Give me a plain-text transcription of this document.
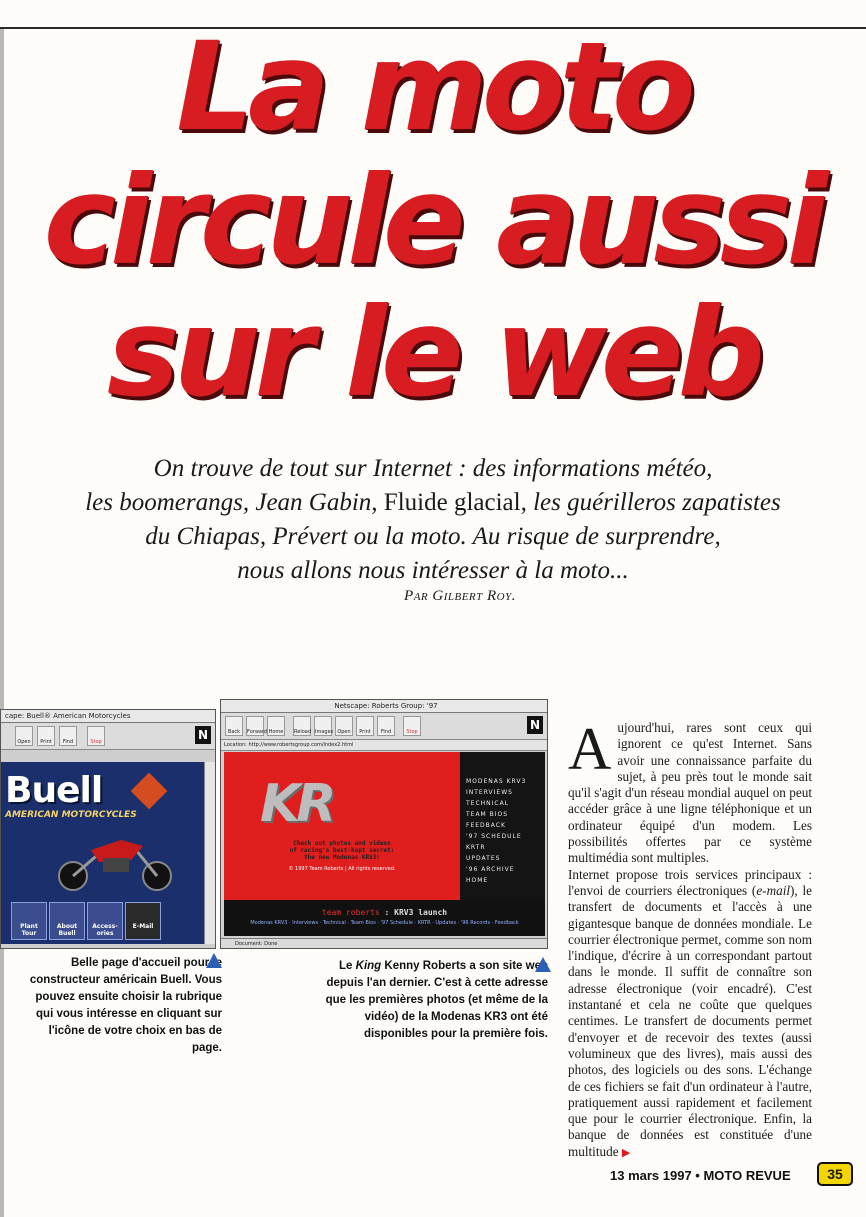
La moto
circule aussi
sur le web

On trouve de tout sur Internet : des informations météo,
les boomerangs, Jean Gabin, Fluide glacial, les guérilleros zapatistes
du Chiapas, Prévert ou la moto. Au risque de surprendre,
nous allons nous intéresser à la moto...

Par Gilbert Roy.

cape: Buell® American Motorcycles
Open	Print	Find	Stop	N
Buell
AMERICAN MOTORCYCLES
Plant Tour
About Buell
Access-ories
E-Mail
Netscape: Roberts Group: '97
Back	Forward Home	Reload Images Open	Print	Find	Stop	N
Location: http://www.robertsgroup.com/index2.html
KR
Check out photos and videos
of racing's best-kept secret:
the new Modenas KRV3!
© 1997 Team Roberts | All rights reserved.
MODENAS KRV3
INTERVIEWS
TECHNICAL
TEAM BIOS
FEEDBACK
'97 SCHEDULE
KRTR
UPDATES
'96 ARCHIVE
HOME
team roberts : KRV3 launch
Modenas KRV3 · Interviews · Technical · Team Bios · '97 Schedule · KRTR · Updates · '96 Records · Feedback
Document: Done

Belle page d'accueil pour le constructeur américain Buell. Vous pouvez ensuite choisir la rubrique qui vous intéresse en cliquant sur l'icône de votre choix en bas de page.

Le King Kenny Roberts a son site web depuis l'an dernier. C'est à cette adresse que les premières photos (et même de la vidéo) de la Modenas KR3 ont été disponibles pour la première fois.

A ujourd'hui, rares sont ceux qui ignorent ce qu'est Internet. Sans avoir une connaissance parfaite du sujet, à peu près tout le monde sait qu'il s'agit d'un réseau mondial auquel on peut accéder grâce à une ligne téléphonique et un ordinateur équipé d'un modem. Les possibilités offertes par ce système multimédia sont multiples.
Internet propose trois services principaux : l'envoi de courriers électroniques (e-mail), le transfert de documents et l'accès à une gigantesque banque de données mondiale. Le courrier électronique permet, comme son nom l'indique, d'écrire à un correspondant partout dans le monde. Il suffit de connaître son adresse électronique (voir encadré). C'est instantané et cela ne coûte que quelques centimes. Le transfert de documents permet d'envoyer et de recevoir des textes (aussi volumineux que des livres), mais aussi des photos, des logiciels ou des sons. L'échange de ces fichiers se fait d'un ordinateur à l'autre, pratiquement aussi rapidement et facilement que pour le courrier électronique. Enfin, la banque de données est constituée d'une multitude ▶
13 mars 1997 • MOTO REVUE	35
